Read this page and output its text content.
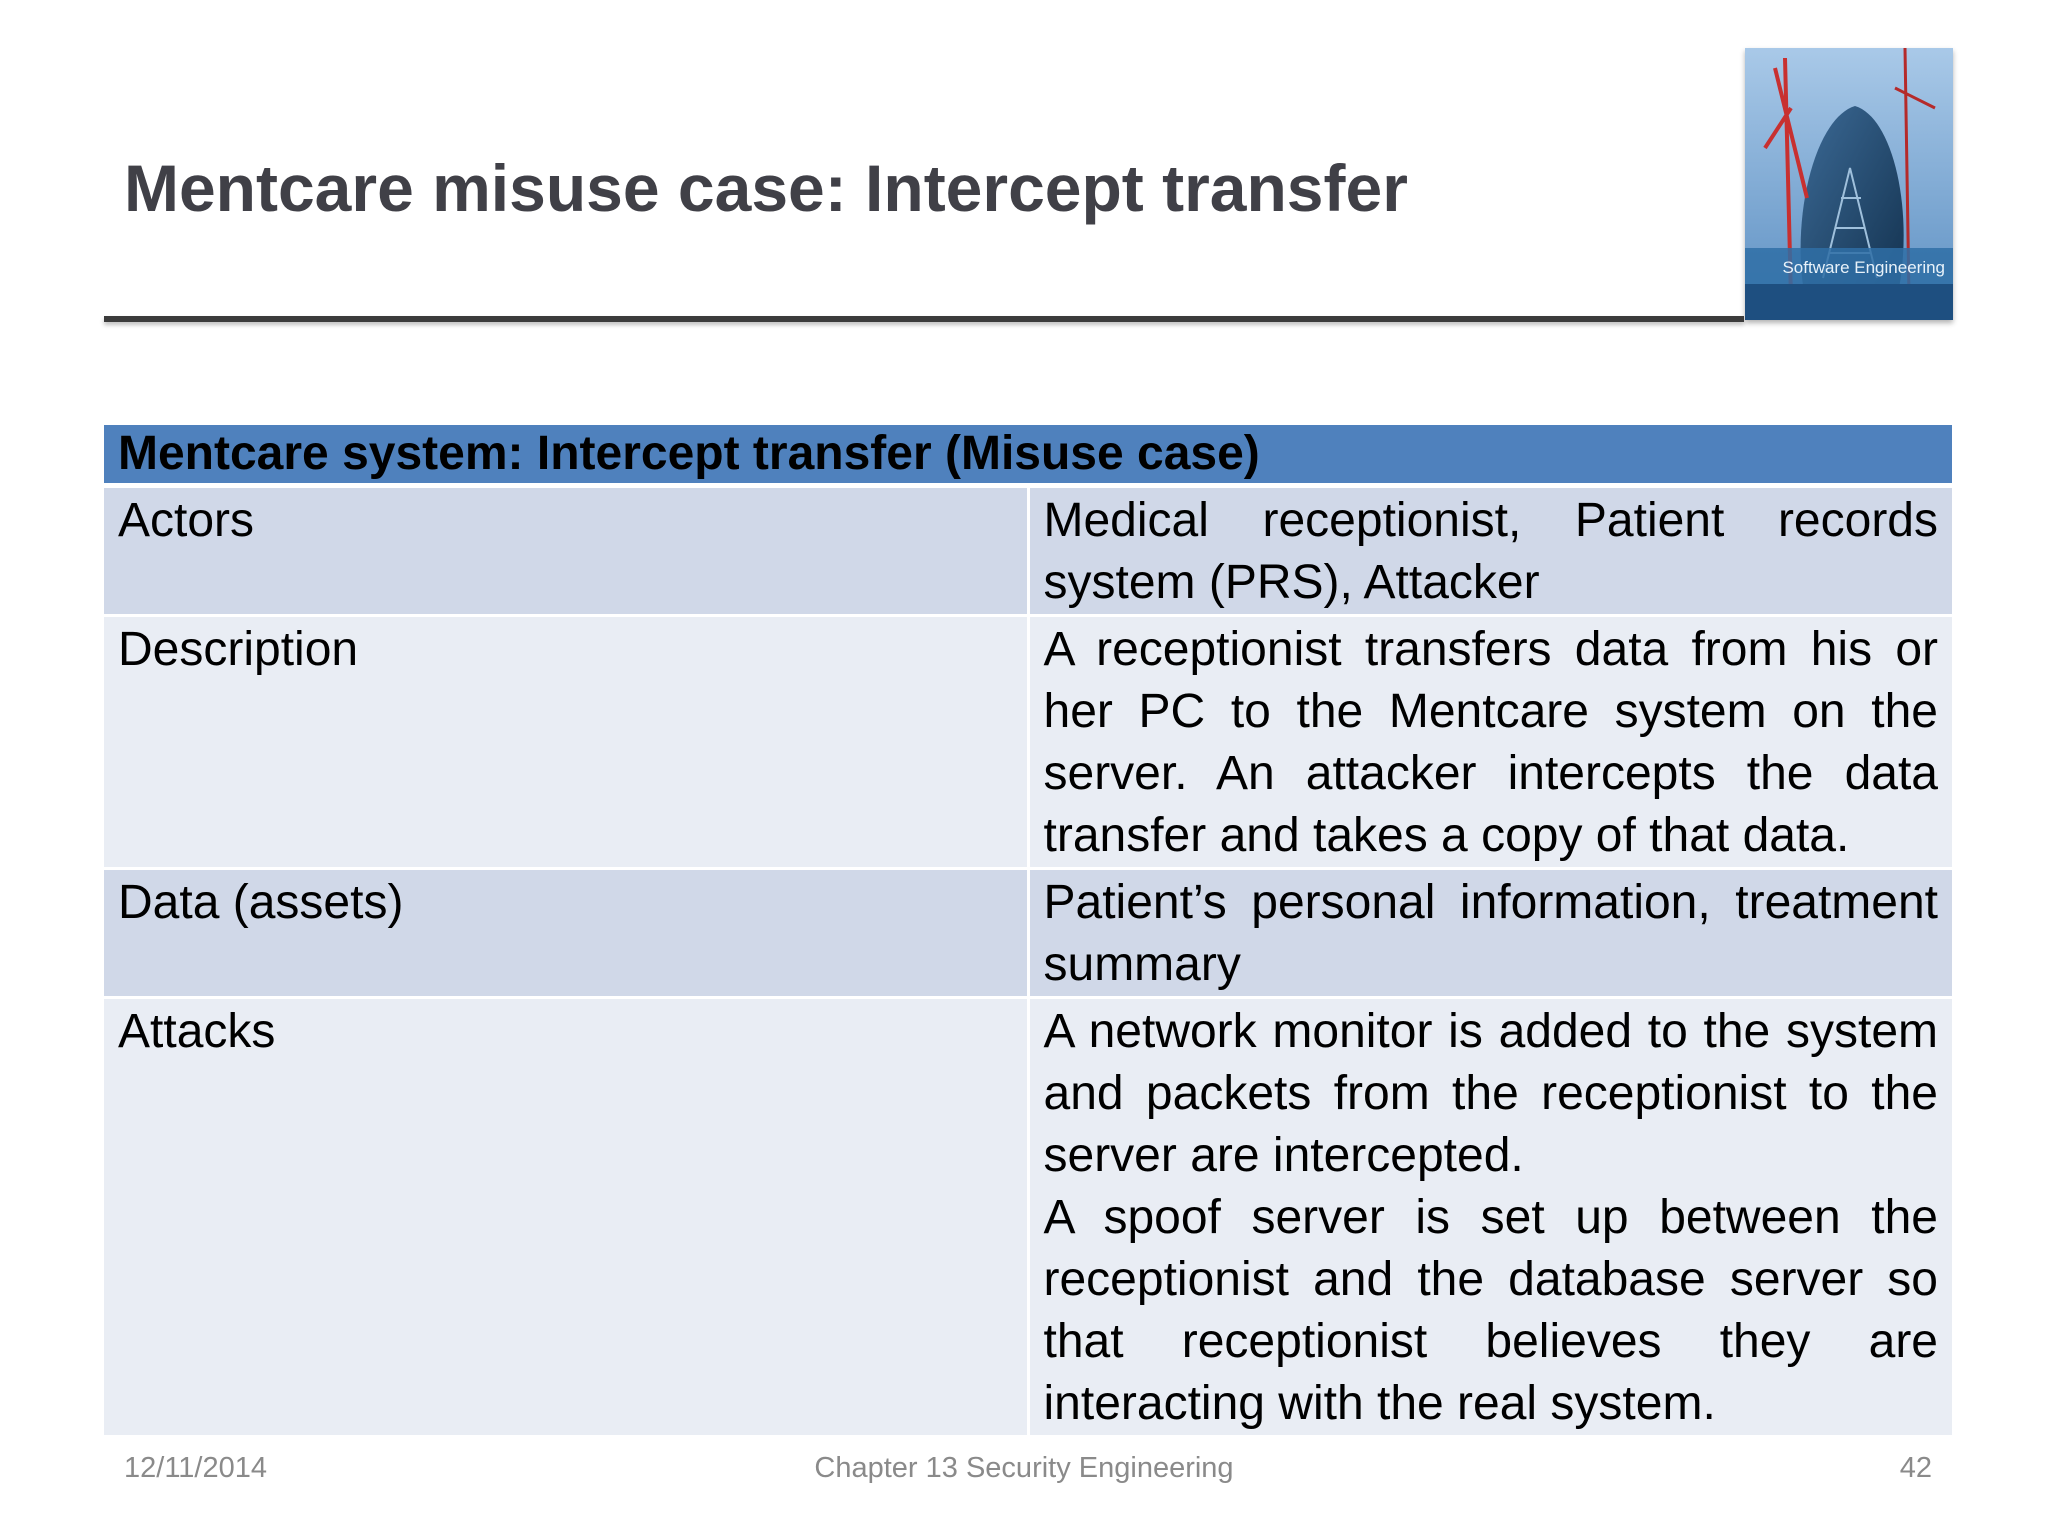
Mentcare misuse case: Intercept transfer
Software Engineering
Mentcare system: Intercept transfer (Misuse case)	
Actors	Medical receptionist, Patient records system (PRS), Attacker

Description	A receptionist transfers data from his or her PC to the Mentcare system on the server. An attacker intercepts the data transfer and takes a copy of that data.

Data (assets)	Patient’s personal information, treatment summary

Attacks	A network monitor is added to the system and packets from the receptionist to the server are intercepted.
A spoof server is set up between the receptionist and the database server so that receptionist believes they are interacting with the real system.
12/11/2014	Chapter 13 Security Engineering	42
